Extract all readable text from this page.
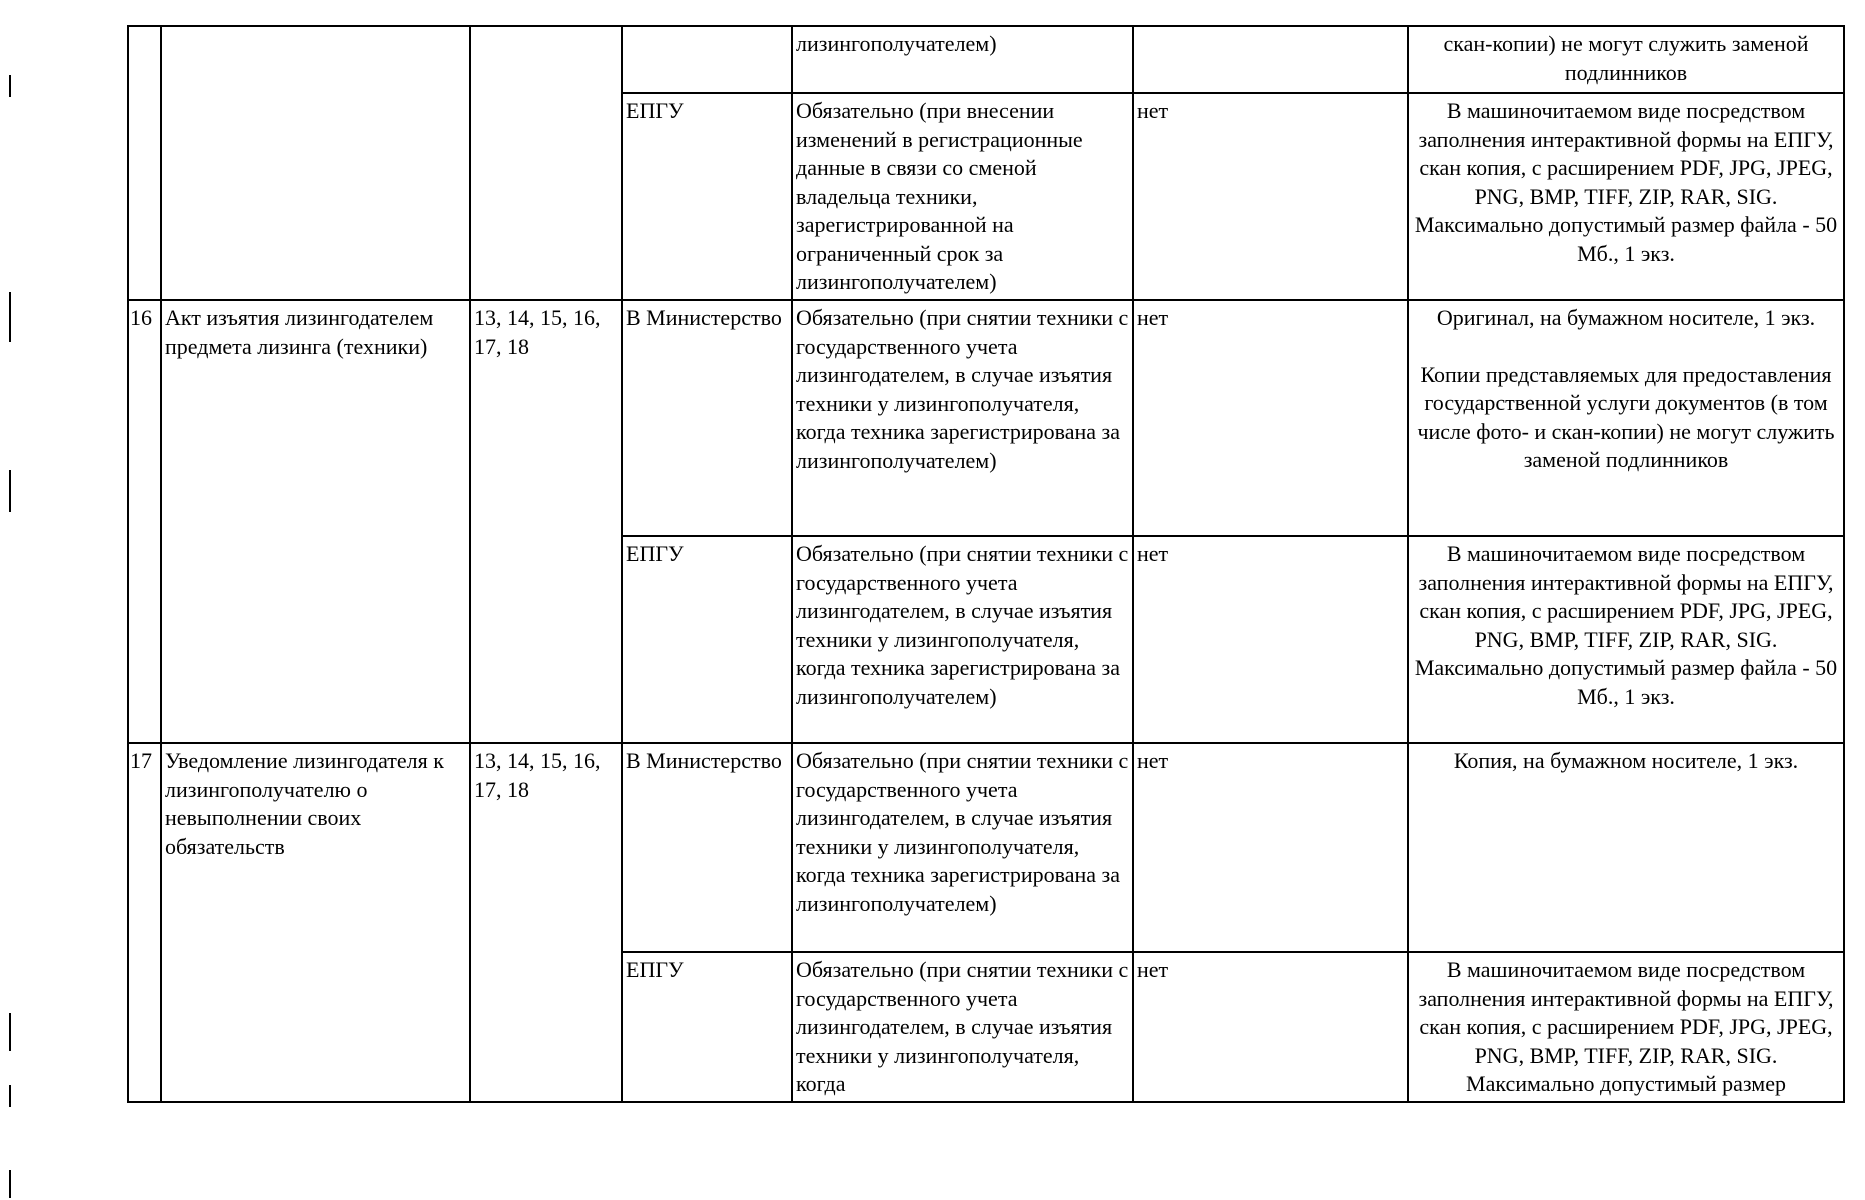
				лизингополучателем)		скан-копии) не могут служить заменой подлинников
			ЕПГУ	Обязательно (при внесении изменений в регистрационные данные в связи со сменой владельца техники, зарегистрированной на ограниченный срок за лизингополучателем)	нет	В машиночитаемом виде посредством заполнения интерактивной формы на ЕПГУ, скан копия, с расширением PDF, JPG, JPEG, PNG, BMP, TIFF, ZIP, RAR, SIG. Максимально допустимый размер файла - 50 Мб., 1 экз.
16	Акт изъятия лизингодателем предмета лизинга (техники)	13, 14, 15, 16, 17, 18	В Министерство	Обязательно (при снятии техники с государственного учета лизингодателем, в случае изъятия техники у лизингополучателя, когда техника зарегистрирована за лизингополучателем)	нет	Оригинал, на бумажном носителе, 1 экз.
Копии представляемых для предоставления государственной услуги документов (в том числе фото- и скан-копии) не могут служить заменой подлинников

			ЕПГУ	Обязательно (при снятии техники с государственного учета лизингодателем, в случае изъятия техники у лизингополучателя, когда техника зарегистрирована за лизингополучателем)	нет	В машиночитаемом виде посредством заполнения интерактивной формы на ЕПГУ, скан копия, с расширением PDF, JPG, JPEG, PNG, BMP, TIFF, ZIP, RAR, SIG. Максимально допустимый размер файла - 50 Мб., 1 экз.
17	Уведомление лизингодателя к лизингополучателю о невыполнении своих обязательств	13, 14, 15, 16, 17, 18	В Министерство	Обязательно (при снятии техники с государственного учета лизингодателем, в случае изъятия техники у лизингополучателя, когда техника зарегистрирована за лизингополучателем)	нет	Копия, на бумажном носителе, 1 экз.
			ЕПГУ	Обязательно (при снятии техники с государственного учета лизингодателем, в случае изъятия техники у лизингополучателя, когда	нет	В машиночитаемом виде посредством заполнения интерактивной формы на ЕПГУ, скан копия, с расширением PDF, JPG, JPEG, PNG, BMP, TIFF, ZIP, RAR, SIG. Максимально допустимый размер
